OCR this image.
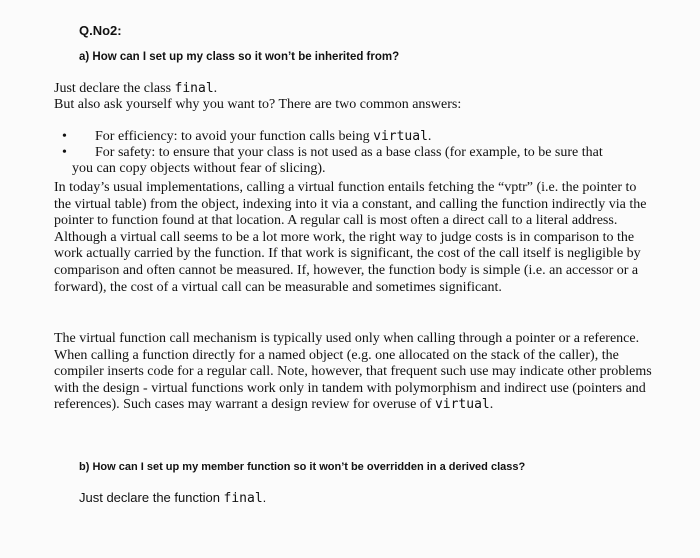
Q.No2:
a) How can I set up my class so it won’t be inherited from?
Just declare the class final.
But also ask yourself why you want to? There are two common answers:
• For efficiency: to avoid your function calls being virtual.
• For safety: to ensure that your class is not used as a base class (for example, to be sure that
you can copy objects without fear of slicing).
In today’s usual implementations, calling a virtual function entails fetching the “vptr” (i.e. the pointer to the virtual table) from the object, indexing into it via a constant, and calling the function indirectly via the pointer to function found at that location. A regular call is most often a direct call to a literal address. Although a virtual call seems to be a lot more work, the right way to judge costs is in comparison to the work actually carried by the function. If that work is significant, the cost of the call itself is negligible by comparison and often cannot be measured. If, however, the function body is simple (i.e. an accessor or a forward), the cost of a virtual call can be measurable and sometimes significant.
The virtual function call mechanism is typically used only when calling through a pointer or a reference. When calling a function directly for a named object (e.g. one allocated on the stack of the caller), the compiler inserts code for a regular call. Note, however, that frequent such use may indicate other problems with the design - virtual functions work only in tandem with polymorphism and indirect use (pointers and references). Such cases may warrant a design review for overuse of virtual.
b) How can I set up my member function so it won’t be overridden in a derived class?
Just declare the function final.
